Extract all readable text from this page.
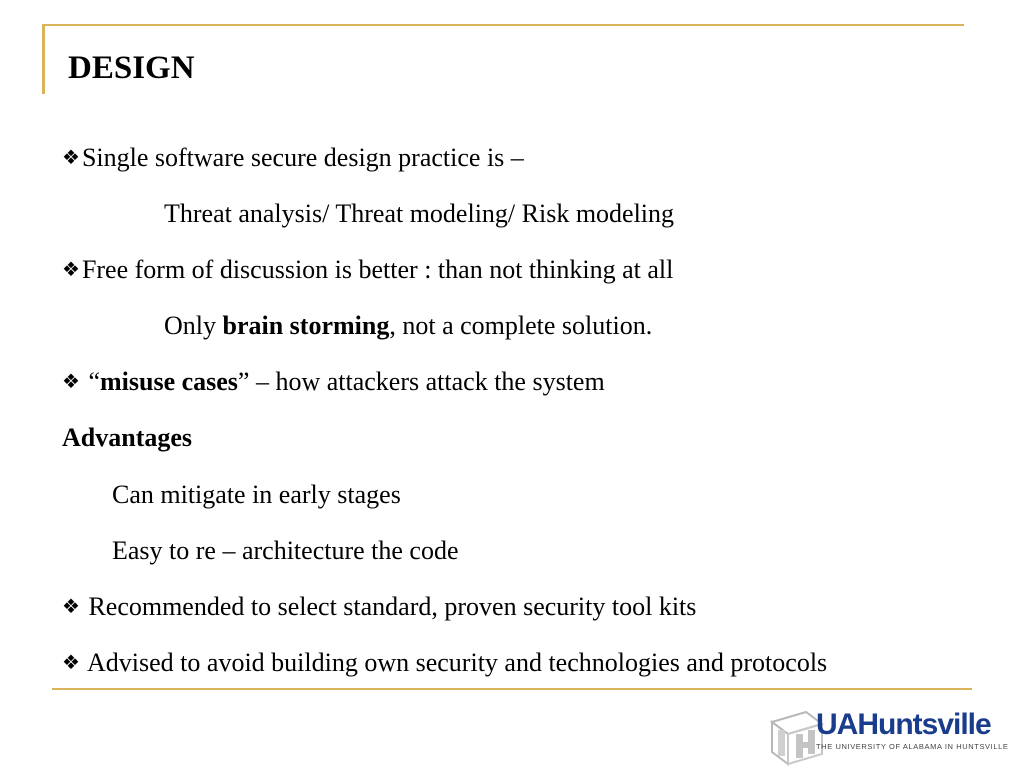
DESIGN
❖Single software secure design practice is –
Threat analysis/ Threat modeling/ Risk modeling
❖Free form of discussion is better : than not thinking at all
Only brain storming, not a complete solution.
❖ “misuse cases” – how attackers attack the system
Advantages
Can mitigate in early stages
Easy to re – architecture the code
❖ Recommended to select standard, proven security tool kits
❖ Advised to avoid building own security and technologies and protocols
UAHuntsville
THE UNIVERSITY OF ALABAMA IN HUNTSVILLE
